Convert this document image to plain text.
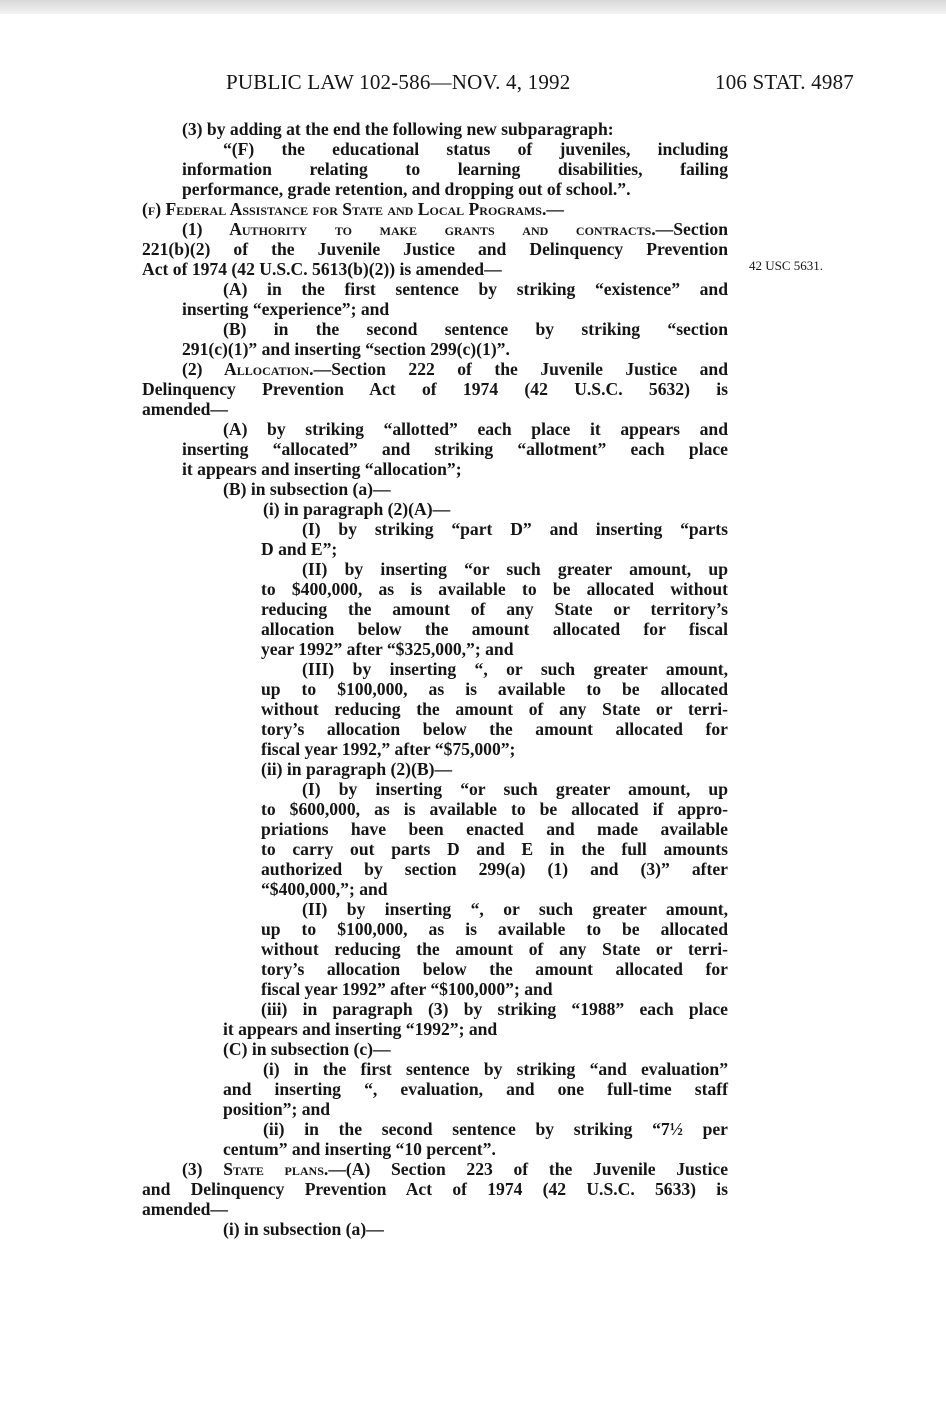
PUBLIC LAW 102-586—NOV. 4, 1992	106 STAT. 4987
42 USC 5631.
(3) by adding at the end the following new subparagraph:
“(F) the educational status of juveniles, including
information relating to learning disabilities, failing
performance, grade retention, and dropping out of school.”.
(f) Federal Assistance for State and Local Programs.—
(1) Authority to make grants and contracts.—Section
221(b)(2) of the Juvenile Justice and Delinquency Prevention
Act of 1974 (42 U.S.C. 5613(b)(2)) is amended—
(A) in the first sentence by striking “existence” and
inserting “experience”; and
(B) in the second sentence by striking “section
291(c)(1)” and inserting “section 299(c)(1)”.
(2) Allocation.—Section 222 of the Juvenile Justice and
Delinquency Prevention Act of 1974 (42 U.S.C. 5632) is
amended—
(A) by striking “allotted” each place it appears and
inserting “allocated” and striking “allotment” each place
it appears and inserting “allocation”;
(B) in subsection (a)—
(i) in paragraph (2)(A)—
(I) by striking “part D” and inserting “parts
D and E”;
(II) by inserting “or such greater amount, up
to $400,000, as is available to be allocated without
reducing the amount of any State or territory’s
allocation below the amount allocated for fiscal
year 1992” after “$325,000,”; and
(III) by inserting “, or such greater amount,
up to $100,000, as is available to be allocated
without reducing the amount of any State or terri-
tory’s allocation below the amount allocated for
fiscal year 1992,” after “$75,000”;
(ii) in paragraph (2)(B)—
(I) by inserting “or such greater amount, up
to $600,000, as is available to be allocated if appro-
priations have been enacted and made available
to carry out parts D and E in the full amounts
authorized by section 299(a) (1) and (3)” after
“$400,000,”; and
(II) by inserting “, or such greater amount,
up to $100,000, as is available to be allocated
without reducing the amount of any State or terri-
tory’s allocation below the amount allocated for
fiscal year 1992” after “$100,000”; and
(iii) in paragraph (3) by striking “1988” each place
it appears and inserting “1992”; and
(C) in subsection (c)—
(i) in the first sentence by striking “and evaluation”
and inserting “, evaluation, and one full-time staff
position”; and
(ii) in the second sentence by striking “7½ per
centum” and inserting “10 percent”.
(3) State plans.—(A) Section 223 of the Juvenile Justice
and Delinquency Prevention Act of 1974 (42 U.S.C. 5633) is
amended—
(i) in subsection (a)—
